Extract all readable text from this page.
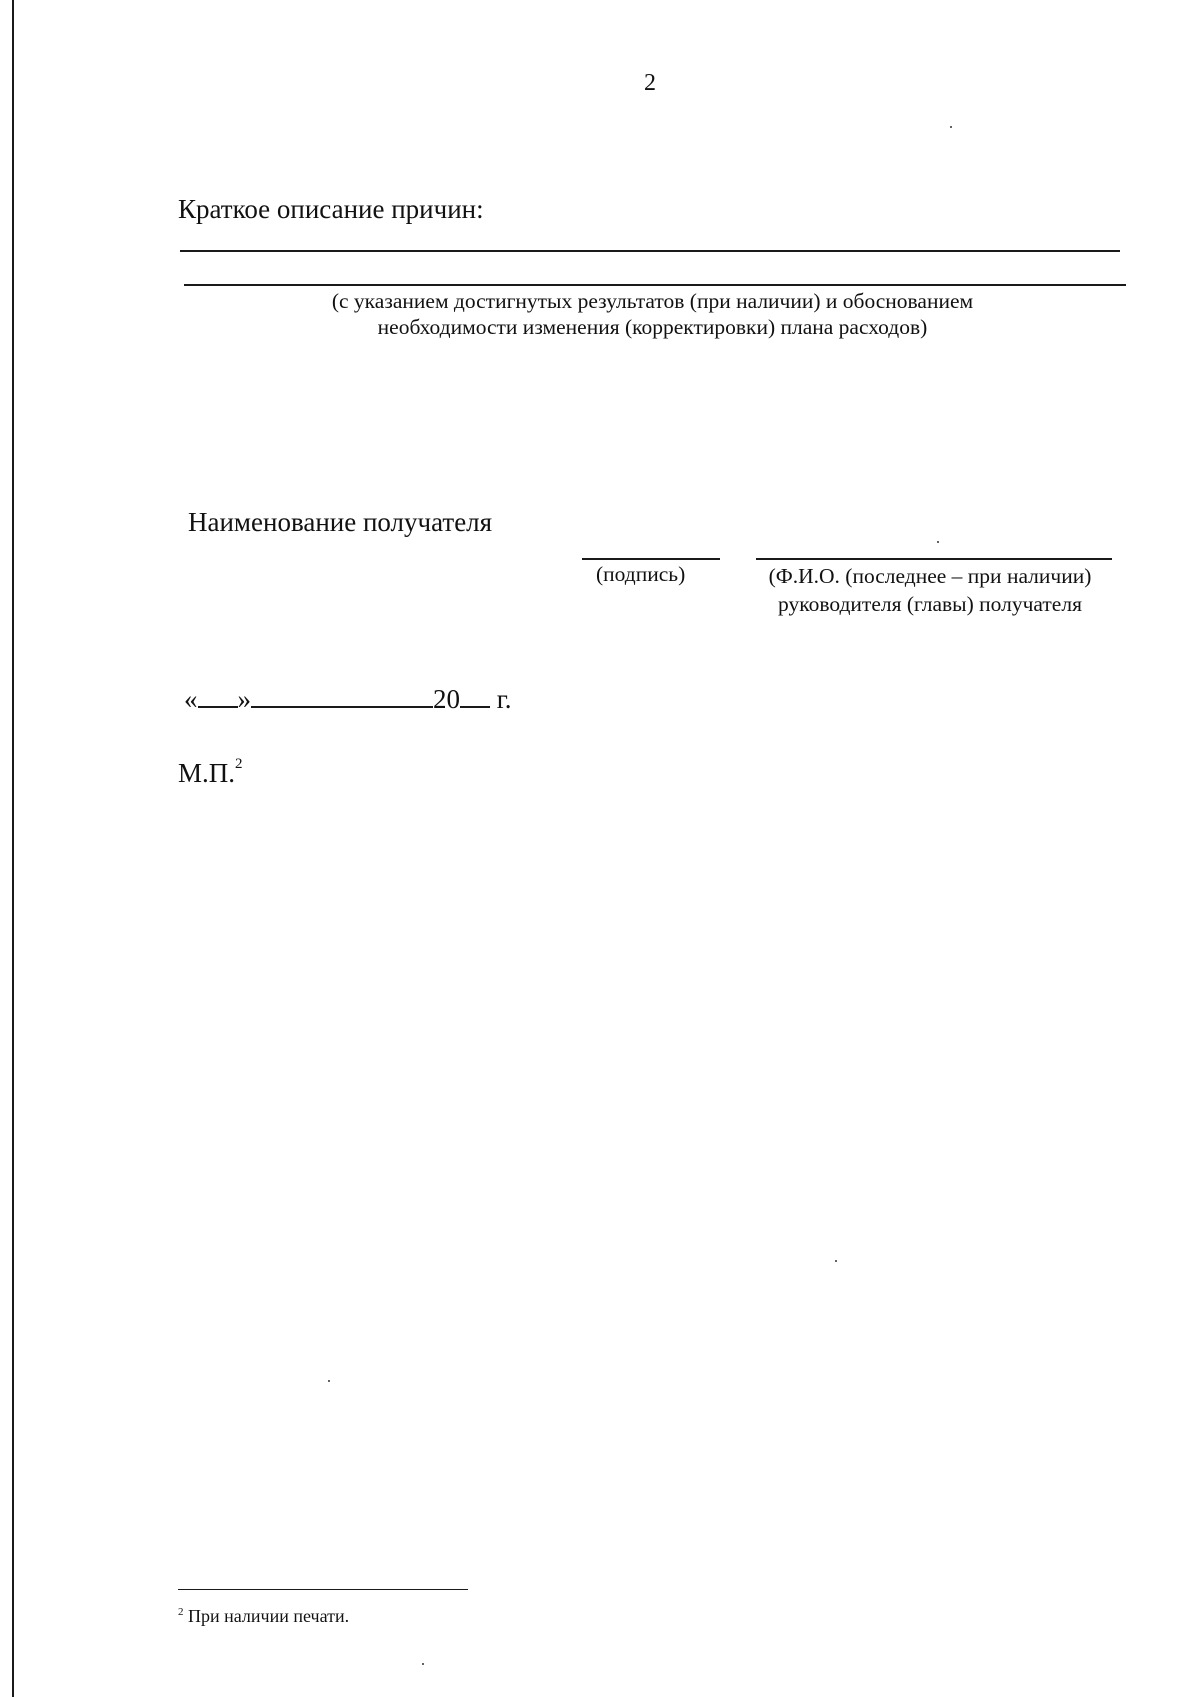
2
Краткое описание причин:
(с указанием достигнутых результатов (при наличии) и обоснованием
необходимости изменения (корректировки) плана расходов)
Наименование получателя
(подпись)	(Ф.И.О. (последнее – при наличии)
руководителя (главы) получателя
« »	20 г.
М.П.$^2$
$^2$ При наличии печати.
